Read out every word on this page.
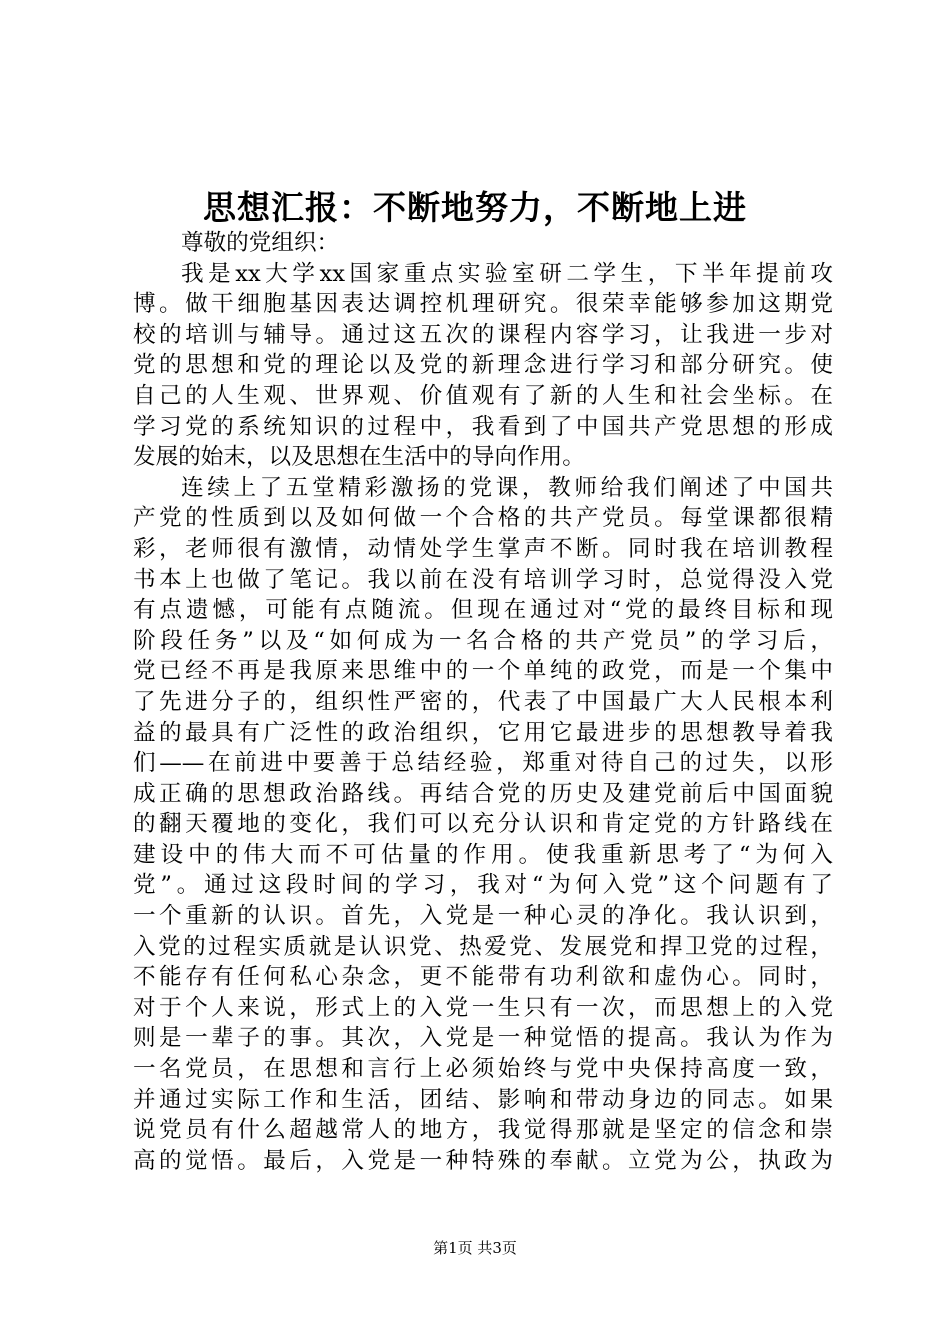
思想汇报：不断地努力，不断地上进
尊敬的党组织：
我是xx大学xx国家重点实验室研二学生，下半年提前攻
博。做干细胞基因表达调控机理研究。很荣幸能够参加这期党
校的培训与辅导。通过这五次的课程内容学习，让我进一步对
党的思想和党的理论以及党的新理念进行学习和部分研究。使
自己的人生观、世界观、价值观有了新的人生和社会坐标。在
学习党的系统知识的过程中，我看到了中国共产党思想的形成
发展的始末，以及思想在生活中的导向作用。
连续上了五堂精彩激扬的党课，教师给我们阐述了中国共
产党的性质到以及如何做一个合格的共产党员。每堂课都很精
彩，老师很有激情，动情处学生掌声不断。同时我在培训教程
书本上也做了笔记。我以前在没有培训学习时，总觉得没入党
有点遗憾，可能有点随流。但现在通过对“党的最终目标和现
阶段任务”以及“如何成为一名合格的共产党员”的学习后，
党已经不再是我原来思维中的一个单纯的政党，而是一个集中
了先进分子的，组织性严密的，代表了中国最广大人民根本利
益的最具有广泛性的政治组织，它用它最进步的思想教导着我
们——在前进中要善于总结经验，郑重对待自己的过失，以形
成正确的思想政治路线。再结合党的历史及建党前后中国面貌
的翻天覆地的变化，我们可以充分认识和肯定党的方针路线在
建设中的伟大而不可估量的作用。使我重新思考了“为何入
党”。通过这段时间的学习，我对“为何入党”这个问题有了
一个重新的认识。首先，入党是一种心灵的净化。我认识到，
入党的过程实质就是认识党、热爱党、发展党和捍卫党的过程，
不能存有任何私心杂念，更不能带有功利欲和虚伪心。同时，
对于个人来说，形式上的入党一生只有一次，而思想上的入党
则是一辈子的事。其次，入党是一种觉悟的提高。我认为作为
一名党员，在思想和言行上必须始终与党中央保持高度一致，
并通过实际工作和生活，团结、影响和带动身边的同志。如果
说党员有什么超越常人的地方，我觉得那就是坚定的信念和崇
高的觉悟。最后，入党是一种特殊的奉献。立党为公，执政为
第1页 共3页
